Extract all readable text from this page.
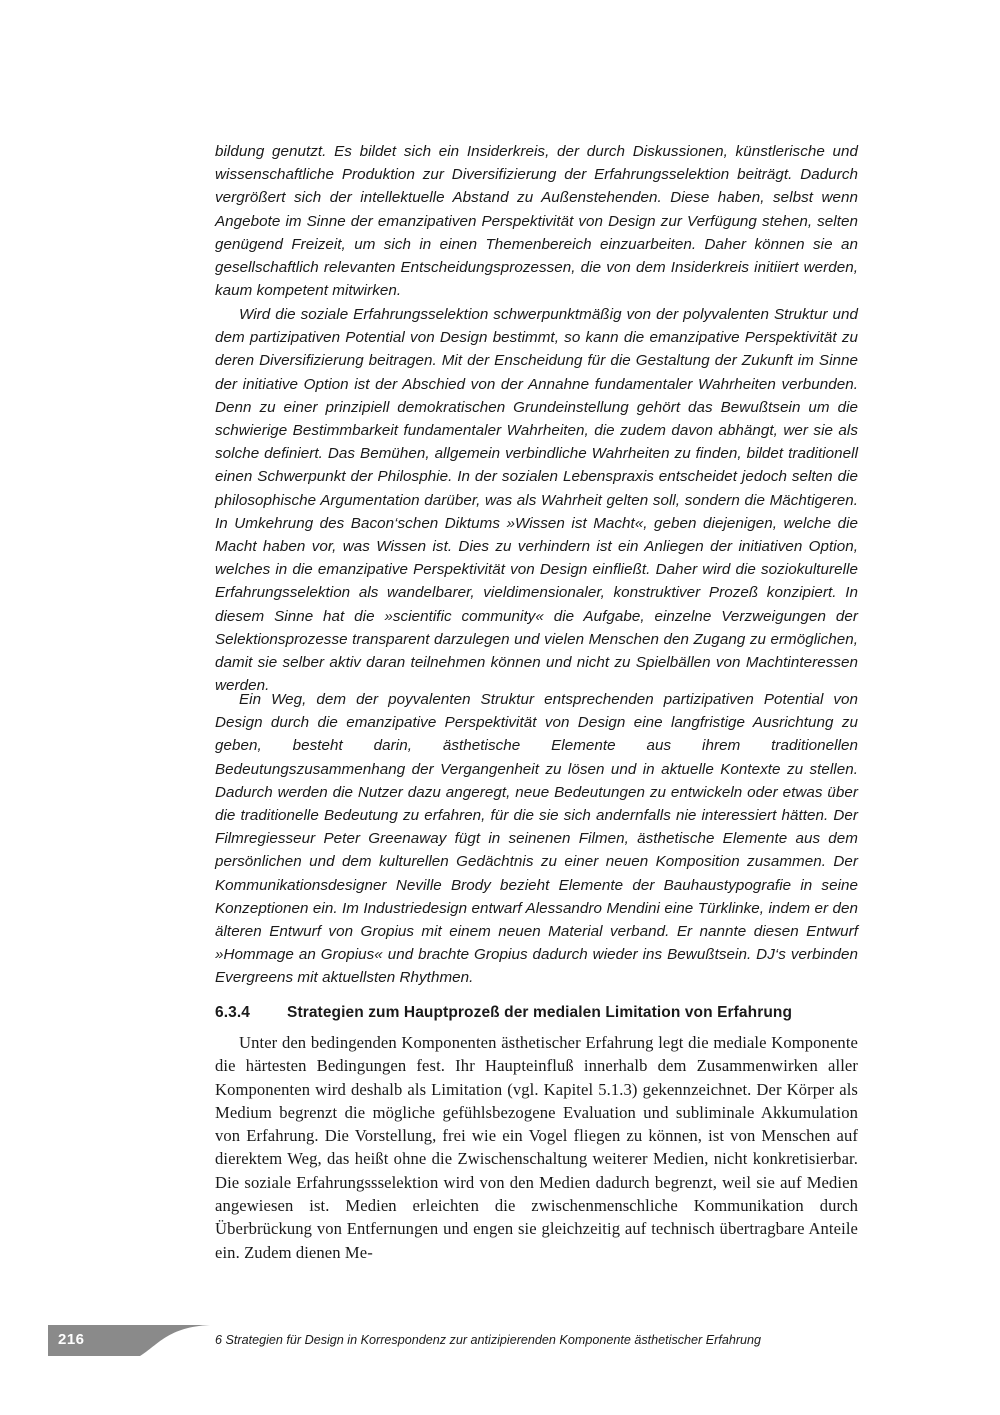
bildung genutzt. Es bildet sich ein Insiderkreis, der durch Diskussionen, künstlerische und wissenschaftliche Produktion zur Diversifizierung der Erfahrungsselektion beiträgt. Dadurch vergrößert sich der intellektuelle Abstand zu Außenstehenden. Diese haben, selbst wenn Angebote im Sinne der emanzipativen Perspektivität von Design zur Verfügung stehen, selten genügend Freizeit, um sich in einen Themenbereich einzuarbeiten. Daher können sie an gesellschaftlich relevanten Entscheidungsprozessen, die von dem Insiderkreis initiiert werden, kaum kompetent mitwirken.

Wird die soziale Erfahrungsselektion schwerpunktmäßig von der polyvalenten Struktur und dem partizipativen Potential von Design bestimmt, so kann die emanzipative Perspektivität zu deren Diversifizierung beitragen. Mit der Enscheidung für die Gestaltung der Zukunft im Sinne der initiative Option ist der Abschied von der Annahne fundamentaler Wahrheiten verbunden. Denn zu einer prinzipiell demokratischen Grundeinstellung gehört das Bewußtsein um die schwierige Bestimmbarkeit fundamentaler Wahrheiten, die zudem davon abhängt, wer sie als solche definiert. Das Bemühen, allgemein verbindliche Wahrheiten zu finden, bildet traditionell einen Schwerpunkt der Philosphie. In der sozialen Lebenspraxis entscheidet jedoch selten die philosophische Argumentation darüber, was als Wahrheit gelten soll, sondern die Mächtigeren. In Umkehrung des Bacon‘schen Diktums »Wissen ist Macht«, geben diejenigen, welche die Macht haben vor, was Wissen ist. Dies zu verhindern ist ein Anliegen der initiativen Option, welches in die emanzipative Perspektivität von Design einfließt. Daher wird die soziokulturelle Erfahrungsselektion als wandelbarer, vieldimensionaler, konstruktiver Prozeß konzipiert. In diesem Sinne hat die »scientific community« die Aufgabe, einzelne Verzweigungen der Selektionsprozesse transparent darzulegen und vielen Menschen den Zugang zu ermöglichen, damit sie selber aktiv daran teilnehmen können und nicht zu Spielbällen von Machtinteressen werden.

Ein Weg, dem der poyvalenten Struktur entsprechenden partizipativen Potential von Design durch die emanzipative Perspektivität von Design eine langfristige Ausrichtung zu geben, besteht darin, ästhetische Elemente aus ihrem traditionellen Bedeutungszusammenhang der Vergangenheit zu lösen und in aktuelle Kontexte zu stellen. Dadurch werden die Nutzer dazu angeregt, neue Bedeutungen zu entwickeln oder etwas über die traditionelle Bedeutung zu erfahren, für die sie sich andernfalls nie interessiert hätten. Der Filmregiesseur Peter Greenaway fügt in seinenen Filmen, ästhetische Elemente aus dem persönlichen und dem kulturellen Gedächtnis zu einer neuen Komposition zusammen. Der Kommunikationsdesigner Neville Brody bezieht Elemente der Bauhaustypografie in seine Konzeptionen ein. Im Industriedesign entwarf Alessandro Mendini eine Türklinke, indem er den älteren Entwurf von Gropius mit einem neuen Material verband. Er nannte diesen Entwurf »Hommage an Gropius« und brachte Gropius dadurch wieder ins Bewußtsein. DJ‘s verbinden Evergreens mit aktuellsten Rhythmen.

6.3.4 Strategien zum Hauptprozeß der medialen Limitation von Erfahrung

Unter den bedingenden Komponenten ästhetischer Erfahrung legt die mediale Komponente die härtesten Bedingungen fest. Ihr Haupteinfluß innerhalb dem Zusammenwirken aller Komponenten wird deshalb als Limitation (vgl. Kapitel 5.1.3) gekennzeichnet. Der Körper als Medium begrenzt die mögliche gefühlsbezogene Evaluation und subliminale Akkumulation von Erfahrung. Die Vorstellung, frei wie ein Vogel fliegen zu können, ist von Menschen auf dierektem Weg, das heißt ohne die Zwischenschaltung weiterer Medien, nicht konkretisierbar. Die soziale Erfahrungssselektion wird von den Medien dadurch begrenzt, weil sie auf Medien angewiesen ist. Medien erleichten die zwischenmenschliche Kommunikation durch Überbrückung von Entfernungen und engen sie gleichzeitig auf technisch übertragbare Anteile ein. Zudem dienen Me-

216	6 Strategien für Design in Korrespondenz zur antizipierenden Komponente ästhetischer Erfahrung
